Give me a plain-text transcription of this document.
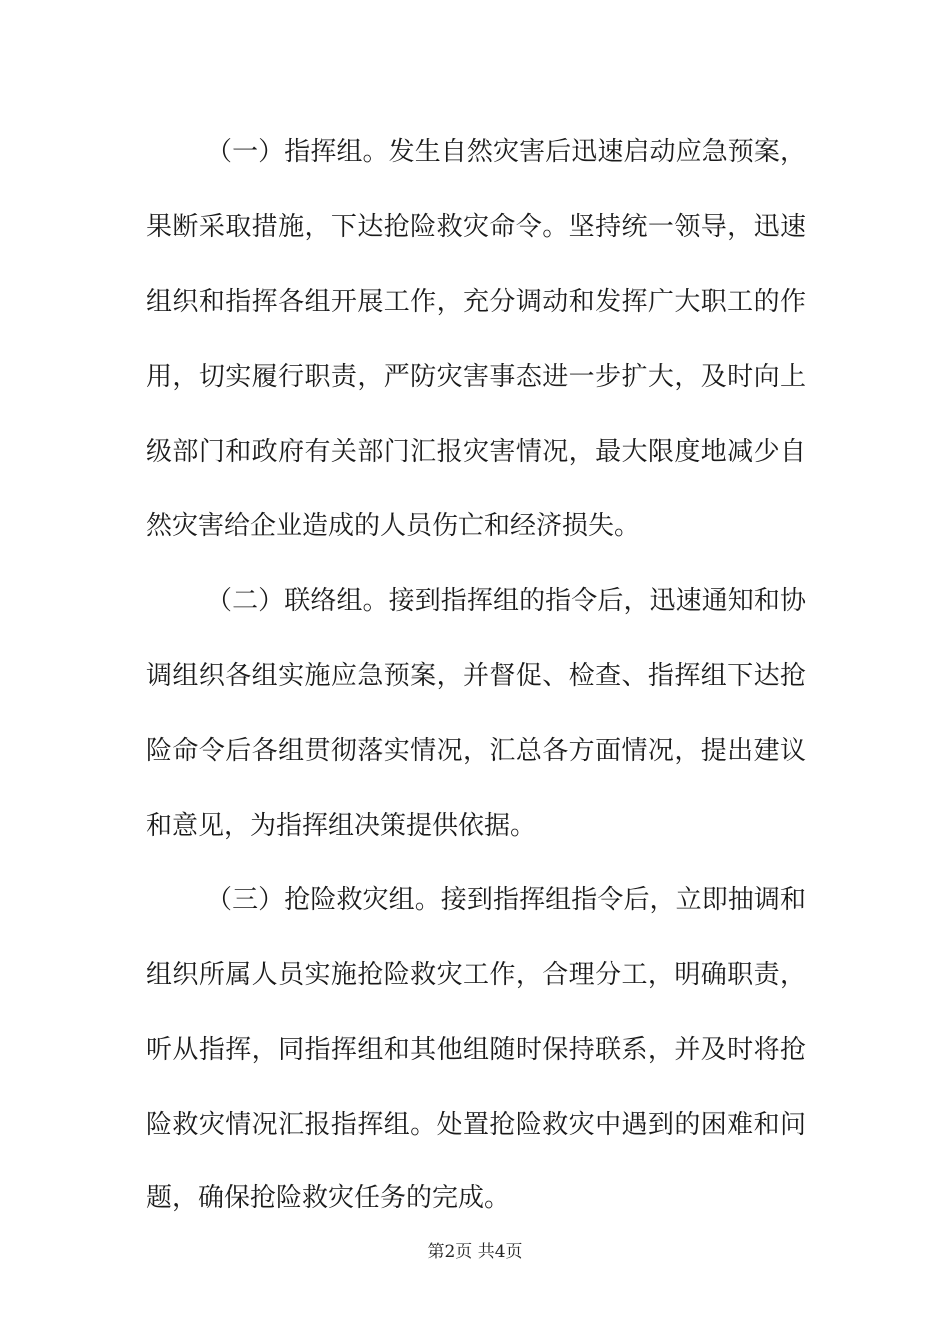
（一）指挥组。发生自然灾害后迅速启动应急预案，
果断采取措施，下达抢险救灾命令。坚持统一领导，迅速
组织和指挥各组开展工作，充分调动和发挥广大职工的作
用，切实履行职责，严防灾害事态进一步扩大，及时向上
级部门和政府有关部门汇报灾害情况，最大限度地减少自
然灾害给企业造成的人员伤亡和经济损失。
（二）联络组。接到指挥组的指令后，迅速通知和协
调组织各组实施应急预案，并督促、检查、指挥组下达抢
险命令后各组贯彻落实情况，汇总各方面情况，提出建议
和意见，为指挥组决策提供依据。
（三）抢险救灾组。接到指挥组指令后，立即抽调和
组织所属人员实施抢险救灾工作，合理分工，明确职责，
听从指挥，同指挥组和其他组随时保持联系，并及时将抢
险救灾情况汇报指挥组。处置抢险救灾中遇到的困难和问
题，确保抢险救灾任务的完成。
第2页 共4页
